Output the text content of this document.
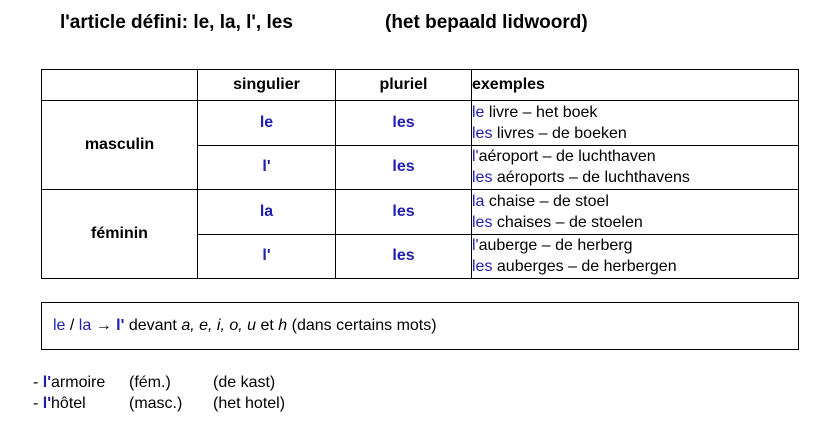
l'article défini: le, la, l', les	(het bepaald lidwoord)
	singulier	pluriel	exemples
masculin	le	les	le livre – het boek
les livres – de boeken

	l'	les	l'aéroport – de luchthaven
les aéroports – de luchthavens

féminin	la	les	la chaise – de stoel
les chaises – de stoelen

	l'	les	l'auberge – de herberg
les auberges – de herbergen
le / la → l' devant a, e, i, o, u et h (dans certains mots)
- l'armoire (fém.)	(de kast)
- l'hôtel	(masc.) (het hotel)
